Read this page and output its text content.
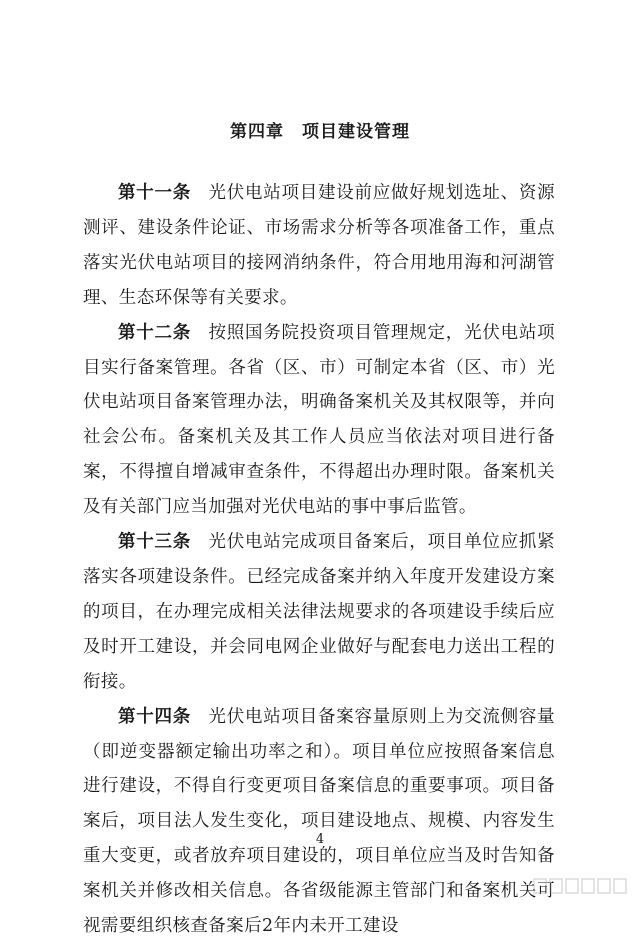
第四章　项目建设管理

第十一条 光伏电站项目建设前应做好规划选址、资源测评、建设条件论证、市场需求分析等各项准备工作，重点落实光伏电站项目的接网消纳条件，符合用地用海和河湖管理、生态环保等有关要求。

第十二条 按照国务院投资项目管理规定，光伏电站项目实行备案管理。各省（区、市）可制定本省（区、市）光伏电站项目备案管理办法，明确备案机关及其权限等，并向社会公布。备案机关及其工作人员应当依法对项目进行备案，不得擅自增减审查条件，不得超出办理时限。备案机关及有关部门应当加强对光伏电站的事中事后监管。

第十三条 光伏电站完成项目备案后，项目单位应抓紧落实各项建设条件。已经完成备案并纳入年度开发建设方案的项目，在办理完成相关法律法规要求的各项建设手续后应及时开工建设，并会同电网企业做好与配套电力送出工程的衔接。

第十四条 光伏电站项目备案容量原则上为交流侧容量（即逆变器额定输出功率之和）。项目单位应按照备案信息进行建设，不得自行变更项目备案信息的重要事项。项目备案后，项目法人发生变化，项目建设地点、规模、内容发生重大变更，或者放弃项目建设的，项目单位应当及时告知备案机关并修改相关信息。各省级能源主管部门和备案机关可视需要组织核查备案后2年内未开工建设

4
